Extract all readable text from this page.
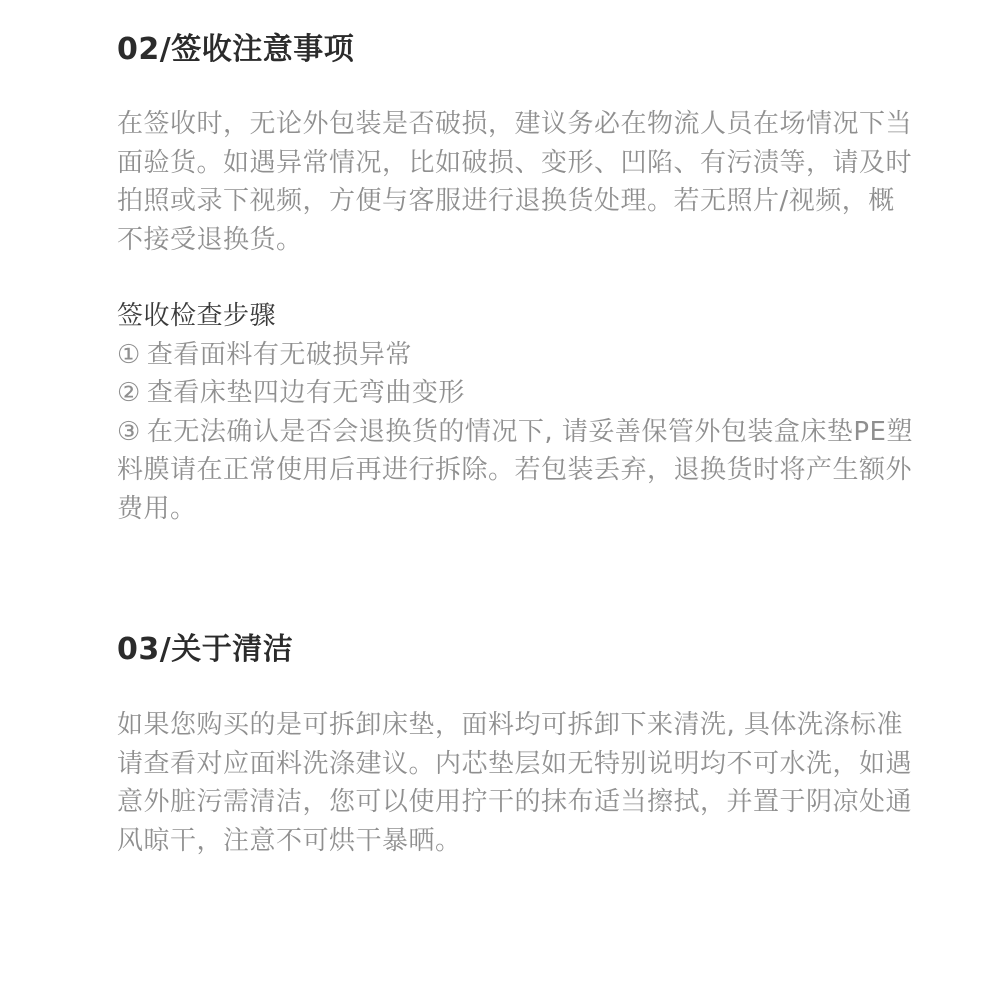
02/签收注意事项

在签收时，无论外包装是否破损，建议务必在物流人员在场情况下当面验货。如遇异常情况，比如破损、变形、凹陷、有污渍等，请及时拍照或录下视频，方便与客服进行退换货处理。若无照片/视频，概不接受退换货。

签收检查步骤
① 查看面料有无破损异常
② 查看床垫四边有无弯曲变形
③ 在无法确认是否会退换货的情况下, 请妥善保管外包装盒床垫PE塑料膜请在正常使用后再进行拆除。若包装丢弃，退换货时将产生额外费用。
03/关于清洁

如果您购买的是可拆卸床垫，面料均可拆卸下来清洗, 具体洗涤标准请查看对应面料洗涤建议。内芯垫层如无特别说明均不可水洗，如遇意外脏污需清洁，您可以使用拧干的抹布适当擦拭，并置于阴凉处通风晾干，注意不可烘干暴晒。
